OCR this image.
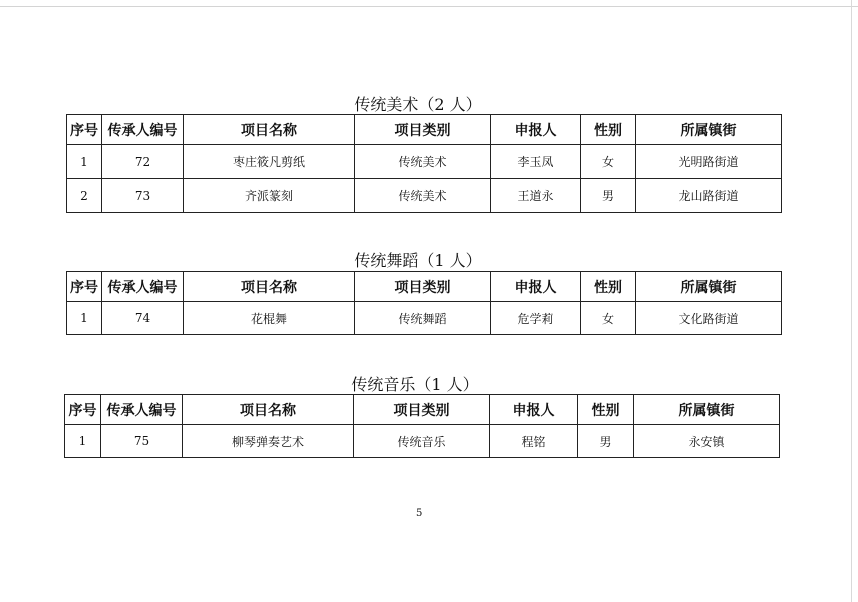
传统美术（2 人）
序号	传承人编号	项目名称	项目类别	申报人	性别	所属镇街
1	72	枣庄筱凡剪纸	传统美术	李玉凤	女	光明路街道
2	73	齐派篆刻	传统美术	王道永	男	龙山路街道
传统舞蹈（1 人）
序号	传承人编号	项目名称	项目类别	申报人	性别	所属镇街
1	74	花棍舞	传统舞蹈	危学莉	女	文化路街道
传统音乐（1 人）
序号	传承人编号	项目名称	项目类别	申报人	性别	所属镇街
1	75	柳琴弹奏艺术	传统音乐	程铭	男	永安镇
5
